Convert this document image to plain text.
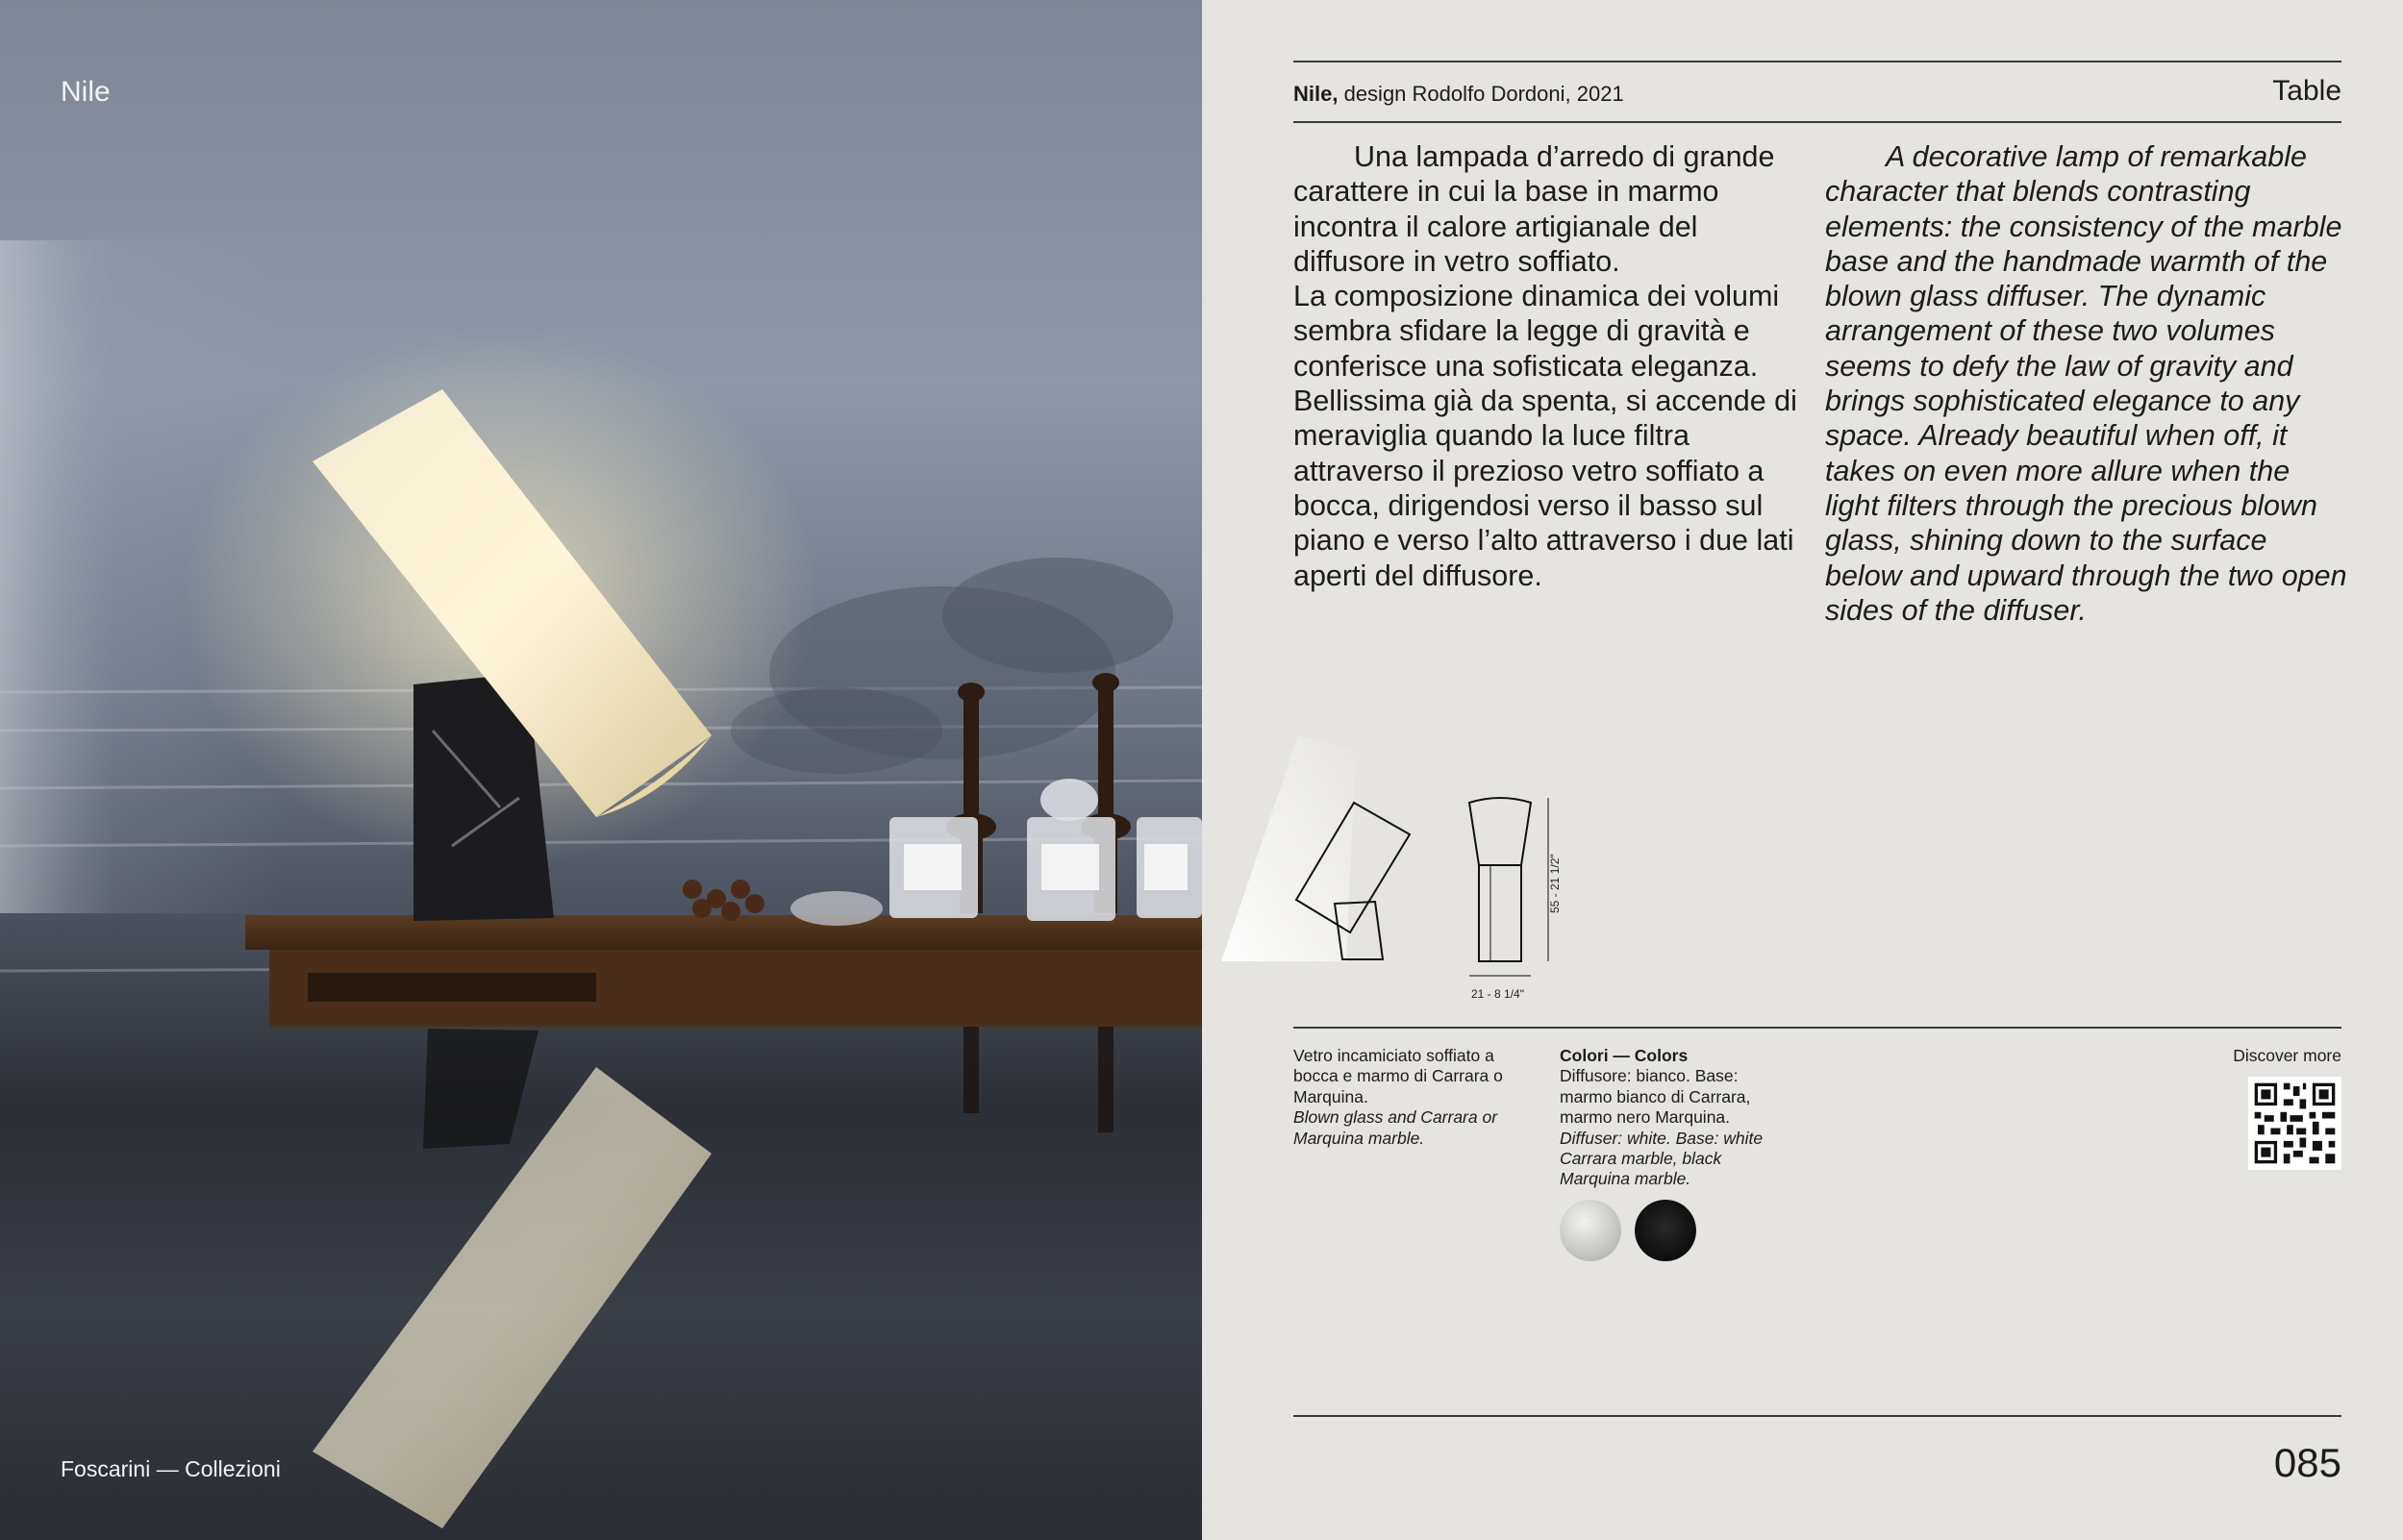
Nile
Foscarini — Collezioni
Nile, design Rodolfo Dordoni, 2021	Table

Una lampada d’arredo di grande carattere in cui la base in marmo incontra il calore artigianale del diffusore in vetro soffiato.

La composizione dinamica dei volumi sembra sfidare la legge di gravità e conferisce una sofisticata eleganza. Bellissima già da spenta, si accende di meraviglia quando la luce filtra attraverso il prezioso vetro soffiato a bocca, dirigendosi verso il basso sul piano e verso l’alto attraverso i due lati aperti del diffusore.

A decorative lamp of remarkable character that blends contrasting elements: the consistency of the marble base and the handmade warmth of the blown glass diffuser. The dynamic arrangement of these two volumes seems to defy the law of gravity and brings sophisticated elegance to any space. Already beautiful when off, it takes on even more allure when the light filters through the precious blown glass, shining down to the surface below and upward through the two open sides of the diffuser.

21 - 8 1/4"
55 - 21 1/2"

Vetro incamiciato soffiato a bocca e marmo di Carrara o Marquina.

Blown glass and Carrara or Marquina marble.

Colori — Colors

Diffusore: bianco. Base: marmo bianco di Carrara, marmo nero Marquina.

Diffuser: white. Base: white Carrara marble, black Marquina marble.

Discover more
085
